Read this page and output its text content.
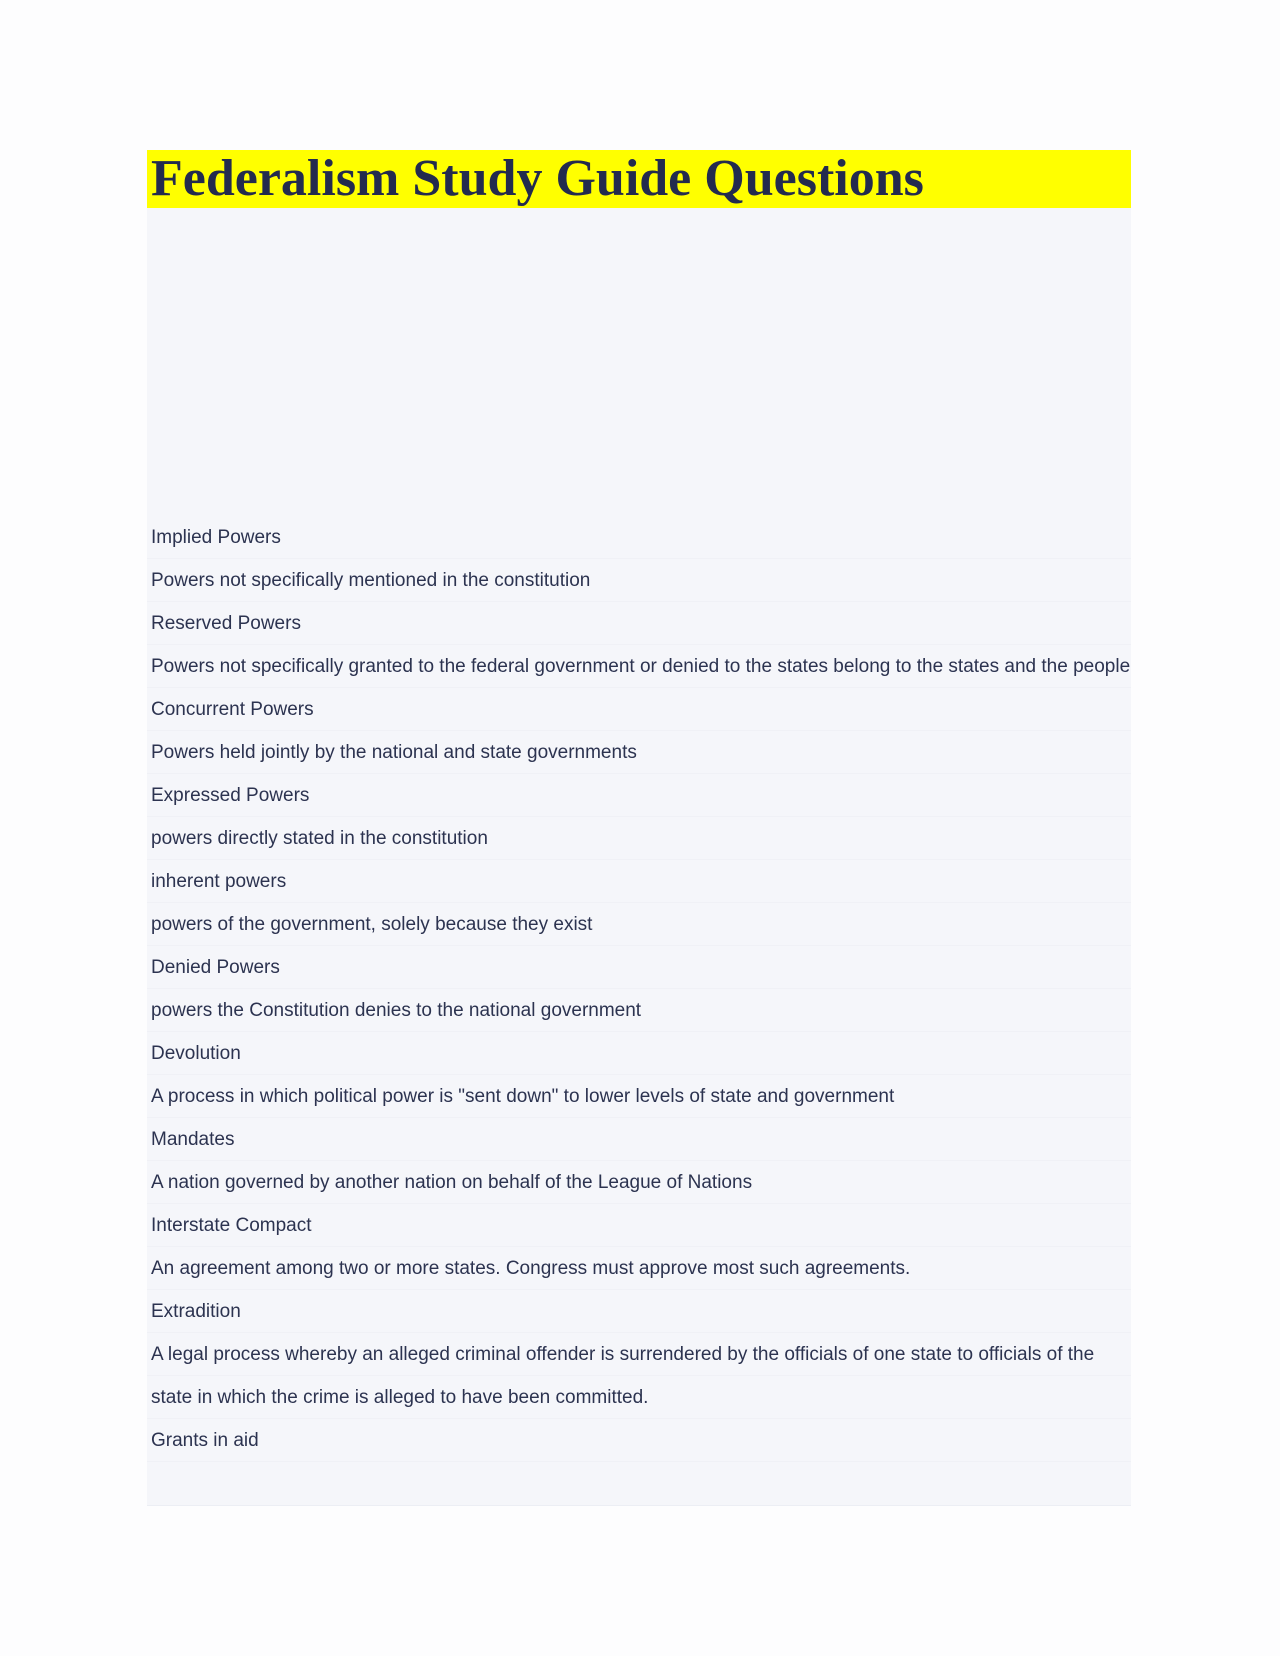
Federalism Study Guide Questions
Implied Powers
Powers not specifically mentioned in the constitution
Reserved Powers
Powers not specifically granted to the federal government or denied to the states belong to the states and the people
Concurrent Powers
Powers held jointly by the national and state governments
Expressed Powers
powers directly stated in the constitution
inherent powers
powers of the government, solely because they exist
Denied Powers
powers the Constitution denies to the national government
Devolution
A process in which political power is "sent down" to lower levels of state and government
Mandates
A nation governed by another nation on behalf of the League of Nations
Interstate Compact
An agreement among two or more states. Congress must approve most such agreements.
Extradition
A legal process whereby an alleged criminal offender is surrendered by the officials of one state to officials of the
state in which the crime is alleged to have been committed.
Grants in aid
